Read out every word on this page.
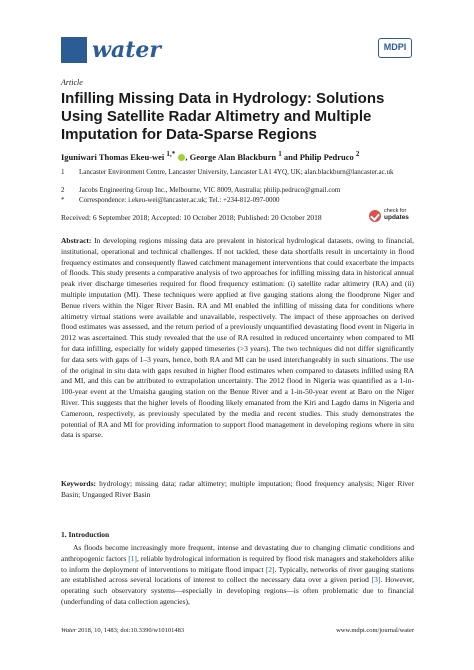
water	MDPI
Article
Infilling Missing Data in Hydrology: Solutions Using Satellite Radar Altimetry and Multiple Imputation for Data-Sparse Regions
Iguniwari Thomas Ekeu-wei $^{1,*}$ , George Alan Blackburn $^1$ and Philip Pedruco $^2$
1 Lancaster Environment Centre, Lancaster University, Lancaster LA1 4YQ, UK; alan.blackburn@lancaster.ac.uk
2 Jacobs Engineering Group Inc., Melbourne, VIC 8009, Australia; philip.pedruco@gmail.com
* Correspondence: i.ekeu-wei@lancaster.ac.uk; Tel.: +234-812-097-0000
Received: 6 September 2018; Accepted: 10 October 2018; Published: 20 October 2018
check for
updates

Abstract: In developing regions missing data are prevalent in historical hydrological datasets, owing to financial, institutional, operational and technical challenges. If not tackled, these data shortfalls result in uncertainty in flood frequency estimates and consequently flawed catchment management interventions that could exacerbate the impacts of floods. This study presents a comparative analysis of two approaches for infilling missing data in historical annual peak river discharge timeseries required for flood frequency estimation: (i) satellite radar altimetry (RA) and (ii) multiple imputation (MI). These techniques were applied at five gauging stations along the floodprone Niger and Benue rivers within the Niger River Basin. RA and MI enabled the infilling of missing data for conditions where altimetry virtual stations were available and unavailable, respectively. The impact of these approaches on derived flood estimates was assessed, and the return period of a previously unquantified devastating flood event in Nigeria in 2012 was ascertained. This study revealed that the use of RA resulted in reduced uncertainty when compared to MI for data infilling, especially for widely gapped timeseries (>3 years). The two techniques did not differ significantly for data sets with gaps of 1–3 years, hence, both RA and MI can be used interchangeably in such situations. The use of the original in situ data with gaps resulted in higher flood estimates when compared to datasets infilled using RA and MI, and this can be attributed to extrapolation uncertainty. The 2012 flood in Nigeria was quantified as a 1-in-100-year event at the Umaisha gauging station on the Benue River and a 1-in-50-year event at Baro on the Niger River. This suggests that the higher levels of flooding likely emanated from the Kiri and Lagdo dams in Nigeria and Cameroon, respectively, as previously speculated by the media and recent studies. This study demonstrates the potential of RA and MI for providing information to support flood management in developing regions where in situ data is sparse.

Keywords: hydrology; missing data; radar altimetry; multiple imputation; flood frequency analysis; Niger River Basin; Ungauged River Basin

1. Introduction

As floods become increasingly more frequent, intense and devastating due to changing climatic conditions and anthropogenic factors [1], reliable hydrological information is required by flood risk managers and stakeholders alike to inform the deployment of interventions to mitigate flood impact [2]. Typically, networks of river gauging stations are established across several locations of interest to collect the necessary data over a given period [3]. However, operating such observatory systems—especially in developing regions—is often problematic due to financial (underfunding of data collection agencies),

Water 2018, 10, 1483; doi:10.3390/w10101483	www.mdpi.com/journal/water
